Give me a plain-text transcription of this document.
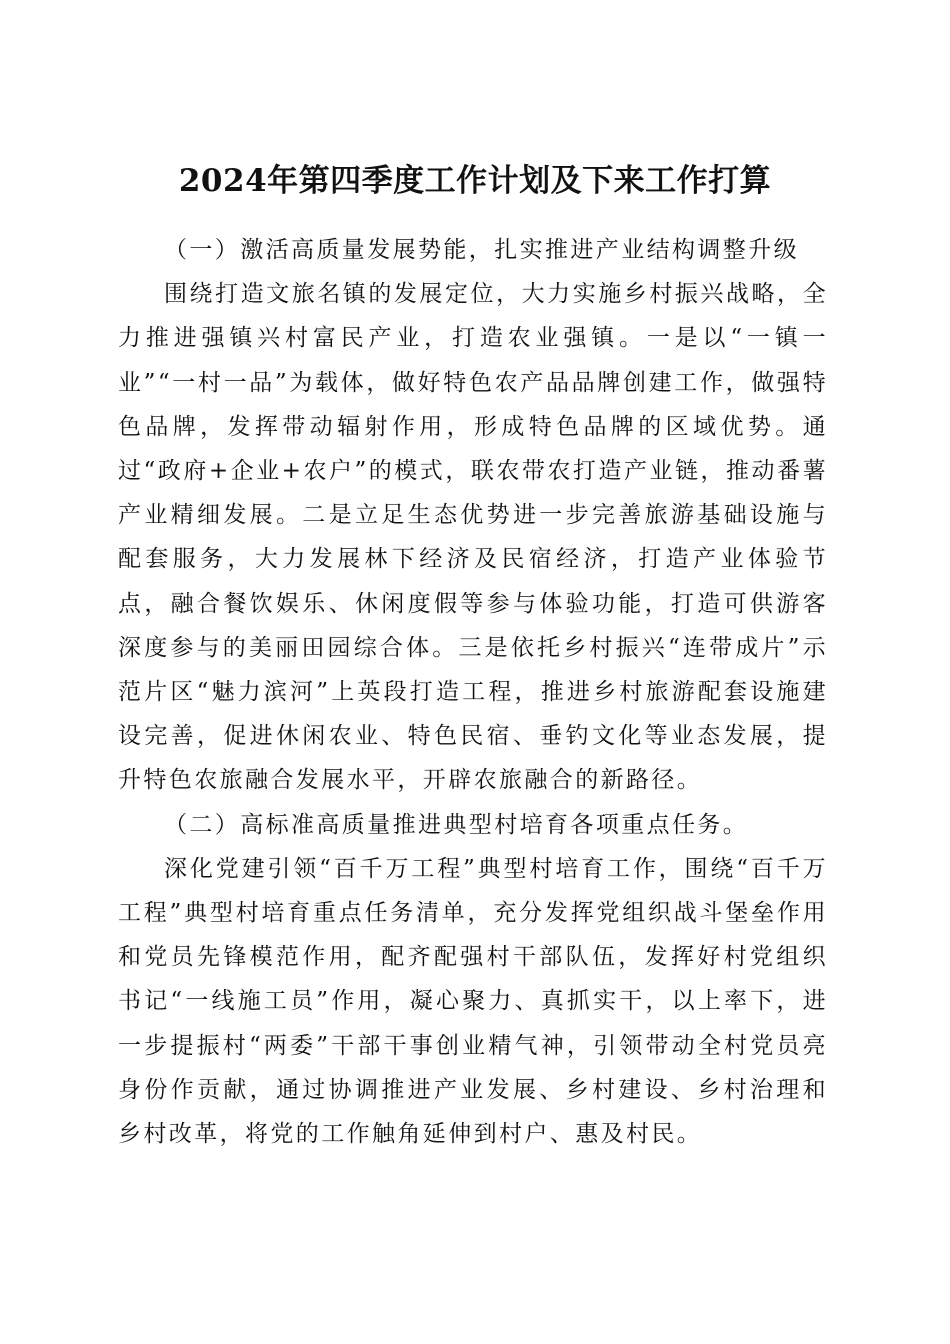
2024年第四季度工作计划及下来工作打算

（一）激活高质量发展势能，扎实推进产业结构调整升级

围绕打造文旅名镇的发展定位，大力实施乡村振兴战略，全力推进强镇兴村富民产业，打造农业强镇。一是以“一镇一业”“一村一品”为载体，做好特色农产品品牌创建工作，做强特色品牌，发挥带动辐射作用，形成特色品牌的区域优势。通过“政府+企业+农户”的模式，联农带农打造产业链，推动番薯产业精细发展。二是立足生态优势进一步完善旅游基础设施与配套服务，大力发展林下经济及民宿经济，打造产业体验节点，融合餐饮娱乐、休闲度假等参与体验功能，打造可供游客深度参与的美丽田园综合体。三是依托乡村振兴“连带成片”示范片区“魅力滨河”上英段打造工程，推进乡村旅游配套设施建设完善，促进休闲农业、特色民宿、垂钓文化等业态发展，提升特色农旅融合发展水平，开辟农旅融合的新路径。

（二）高标准高质量推进典型村培育各项重点任务。

深化党建引领“百千万工程”典型村培育工作，围绕“百千万工程”典型村培育重点任务清单，充分发挥党组织战斗堡垒作用和党员先锋模范作用，配齐配强村干部队伍，发挥好村党组织书记“一线施工员”作用，凝心聚力、真抓实干，以上率下，进一步提振村“两委”干部干事创业精气神，引领带动全村党员亮身份作贡献，通过协调推进产业发展、乡村建设、乡村治理和乡村改革，将党的工作触角延伸到村户、惠及村民。
